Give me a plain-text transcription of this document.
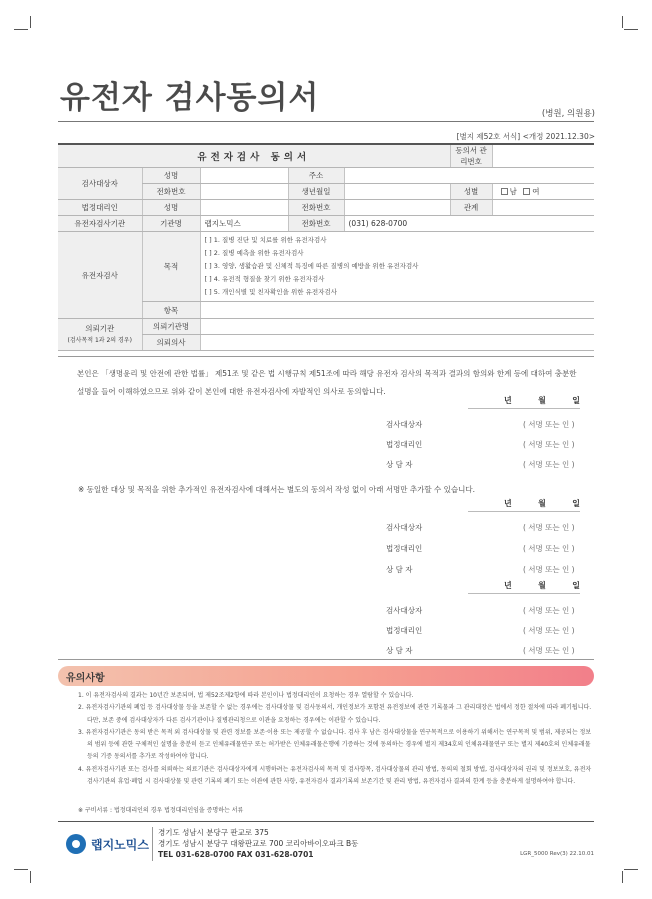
유전자 검사동의서	(병원, 의원용)
[별지 제52호 서식] <개정 2021.12.30>
유전자검사 동의서					동의서 관리번호	
검사대상자	성명		주소			
	전화번호		생년월일		성별	남 여
법정대리인	성명		전화번호		관계	
유전자검사기관	기관명	랩지노믹스	전화번호	(031) 628-0700		
유전자검사	목적	[ ] 1. 질병 진단 및 치료를 위한 유전자검사
[ ] 2. 질병 예측을 위한 유전자검사
[ ] 3. 영양, 생활습관 및 신체적 특징에 따른 질병의 예방을 위한 유전자검사
[ ] 4. 유전적 형질을 찾기 위한 유전자검사
[ ] 5. 개인식별 및 친자확인을 위한 유전자검사				

	항목					

의뢰기관
(검사목적 1과 2의 경우)	의뢰기관명					
	의뢰의사					
본인은 「생명윤리 및 안전에 관한 법률」 제51조 및 같은 법 시행규칙 제51조에 따라 해당 유전자 검사의 목적과 결과의 함의와 한계 등에 대하여 충분한 설명을 들어 이해하였으므로 위와 같이 본인에 대한 유전자검사에 자발적인 의사로 동의합니다.
년	월	일
검사대상자	( 서명 또는 인 )
법정대리인	( 서명 또는 인 )
상 담 자	( 서명 또는 인 )
※ 동일한 대상 및 목적을 위한 추가적인 유전자검사에 대해서는 별도의 동의서 작성 없이 아래 서명만 추가할 수 있습니다.
년	월	일
검사대상자	( 서명 또는 인 )
법정대리인	( 서명 또는 인 )
상 담 자	( 서명 또는 인 )
년	월	일
검사대상자	( 서명 또는 인 )
법정대리인	( 서명 또는 인 )
상 담 자	( 서명 또는 인 )
유의사항

1. 이 유전자검사의 결과는 10년간 보존되며, 법 제52조제2항에 따라 본인이나 법정대리인이 요청하는 경우 열람할 수 있습니다.

2. 유전자검사기관의 폐업 등 검사대상물 등을 보존할 수 없는 경우에는 검사대상물 및 검사동의서, 개인정보가 포함된 유전정보에 관한 기록물과 그 관리대장은 법에서 정한 절차에 따라 폐기됩니다. 다만, 보존 중에 검사대상자가 다른 검사기관이나 질병관리청으로 이관을 요청하는 경우에는 이관할 수 있습니다.

3. 유전자검사기관은 동의 받은 목적 외 검사대상물 및 관련 정보를 보존·이용 또는 제공할 수 없습니다. 검사 후 남은 검사대상물을 연구목적으로 이용하기 위해서는 연구목적 및 범위, 제공되는 정보의 범위 등에 관한 구체적인 설명을 충분히 듣고 인체유래물연구 또는 허가받은 인체유래물은행에 기증하는 것에 동의하는 경우에 별지 제34호의 인체유래물연구 또는 별지 제40호의 인체유래물등의 기증 동의서를 추가로 작성하여야 합니다.

4. 유전자검사기관 또는 검사를 의뢰하는 의료기관은 검사대상자에게 시행하려는 유전자검사의 목적 및 검사항목, 검사대상물의 관리 방법, 동의의 철회 방법, 검사대상자의 권리 및 정보보호, 유전자검사기관의 휴업·폐업 시 검사대상물 및 관련 기록의 폐기 또는 이관에 관한 사항, 유전자검사 결과기록의 보존기간 및 관리 방법, 유전자검사 결과의 한계 등을 충분하게 설명하여야 합니다.

※ 구비서류 : 법정대리인의 경우 법정대리인임을 증명하는 서류
랩지노믹스
경기도 성남시 분당구 판교로 375
경기도 성남시 분당구 대왕판교로 700 코리아바이오파크 B동
TEL 031-628-0700 FAX 031-628-0701	LGR_5000 Rev(3) 22.10.01
